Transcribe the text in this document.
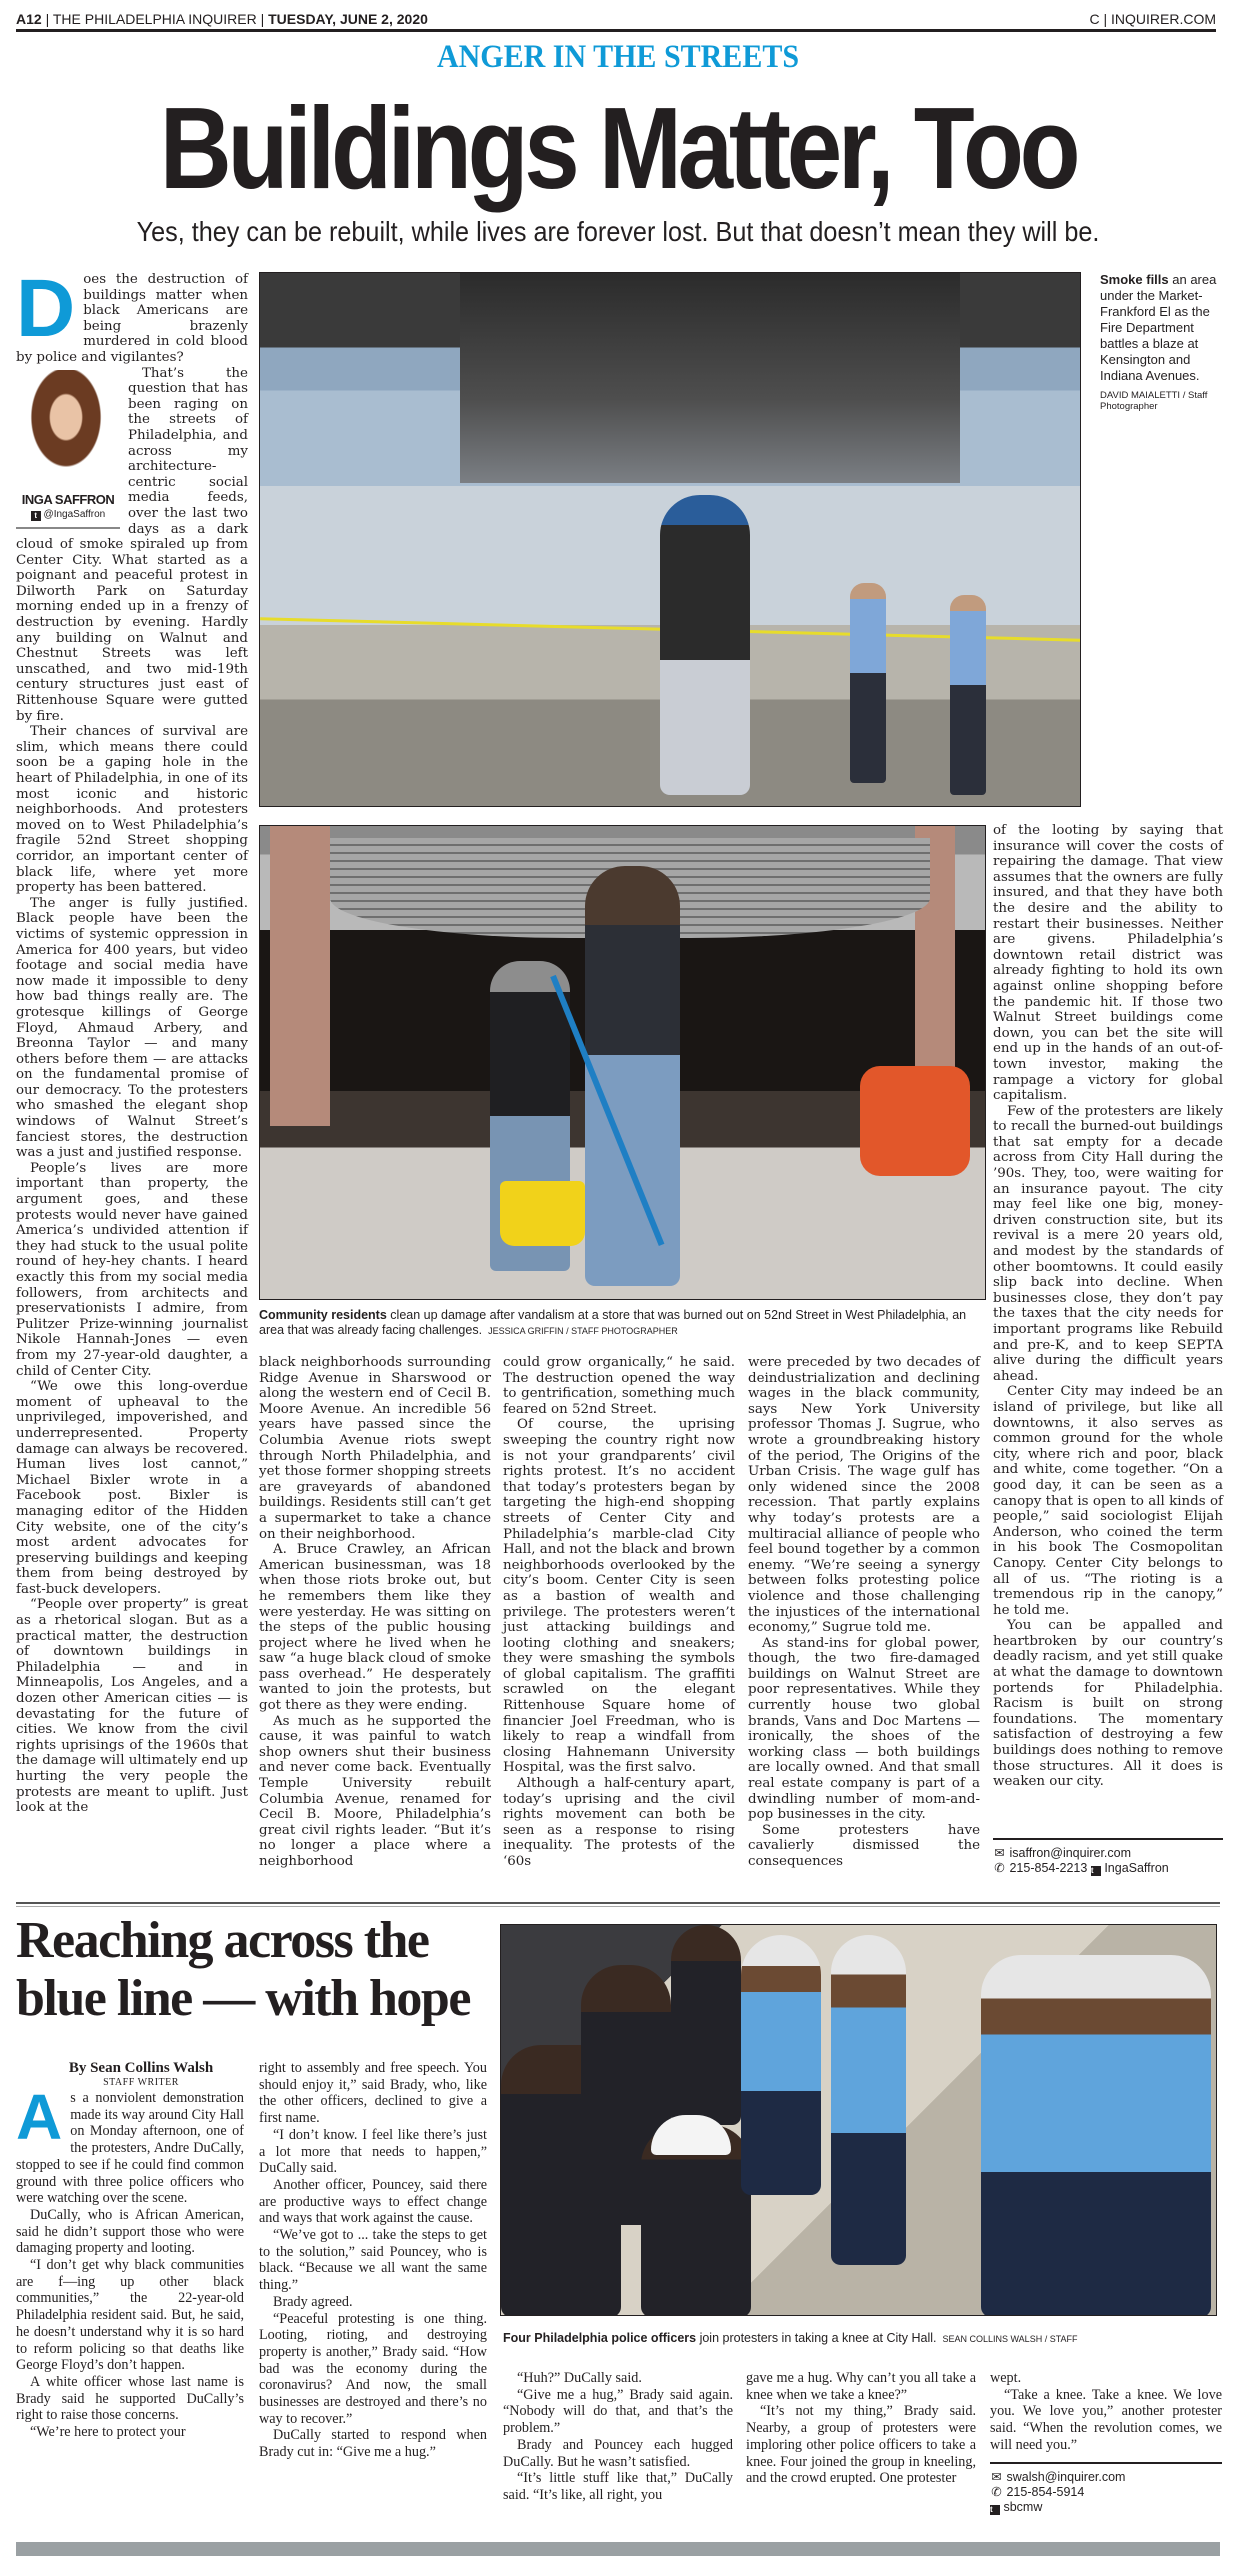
A12 | THE PHILADELPHIA INQUIRER | TUESDAY, JUNE 2, 2020	C | INQUIRER.COM
ANGER IN THE STREETS
Buildings Matter, Too
Yes, they can be rebuilt, while lives are forever lost. But that doesn’t mean they will be.

Does the destruction of buildings matter when black Americans are being brazenly murdered in cold blood by police and vigilantes?

INGA SAFFRON
t @IngaSaffron

That’s the question that has been raging on the streets of Philadelphia, and across my architecture-centric social media feeds, over the last two days as a dark cloud of smoke spiraled up from Center City. What started as a poignant and peaceful protest in Dilworth Park on Saturday morning ended up in a frenzy of destruction by evening. Hardly any building on Walnut and Chestnut Streets was left unscathed, and two mid-19th century structures just east of Rittenhouse Square were gutted by fire.

Their chances of survival are slim, which means there could soon be a gaping hole in the heart of Philadelphia, in one of its most iconic and historic neighborhoods. And protesters moved on to West Philadelphia’s fragile 52nd Street shopping corridor, an important center of black life, where yet more property has been battered.

The anger is fully justified. Black people have been the victims of systemic oppression in America for 400 years, but video footage and social media have now made it impossible to deny how bad things really are. The grotesque killings of George Floyd, Ahmaud Arbery, and Breonna Taylor — and many others before them — are attacks on the fundamental promise of our democracy. To the protesters who smashed the elegant shop windows of Walnut Street’s fanciest stores, the destruction was a just and justified response.

People’s lives are more important than property, the argument goes, and these protests would never have gained America’s undivided attention if they had stuck to the usual polite round of hey-hey chants. I heard exactly this from my social media followers, from architects and preservationists I admire, from Pulitzer Prize-winning journalist Nikole Hannah-Jones — even from my 27-year-old daughter, a child of Center City.

“We owe this long-overdue moment of upheaval to the unprivileged, impoverished, and underrepresented. Property damage can always be recovered. Human lives lost cannot,” Michael Bixler wrote in a Facebook post. Bixler is managing editor of the Hidden City website, one of the city’s most ardent advocates for preserving buildings and keeping them from being destroyed by fast-buck developers.

“People over property” is great as a rhetorical slogan. But as a practical matter, the destruction of downtown buildings in Philadelphia — and in Minneapolis, Los Angeles, and a dozen other American cities — is devastating for the future of cities. We know from the civil rights uprisings of the 1960s that the damage will ultimately end up hurting the very people the protests are meant to uplift. Just look at the

Smoke fills an area under the Market-Frankford El as the Fire Department battles a blaze at Kensington and Indiana Avenues.
DAVID MAIALETTI / Staff Photographer
Community residents clean up damage after vandalism at a store that was burned out on 52nd Street in West Philadelphia, an area that was already facing challenges. JESSICA GRIFFIN / STAFF PHOTOGRAPHER

black neighborhoods surrounding Ridge Avenue in Sharswood or along the western end of Cecil B. Moore Avenue. An incredible 56 years have passed since the Columbia Avenue riots swept through North Philadelphia, and yet those former shopping streets are graveyards of abandoned buildings. Residents still can’t get a supermarket to take a chance on their neighborhood.

A. Bruce Crawley, an African American businessman, was 18 when those riots broke out, but he remembers them like they were yesterday. He was sitting on the steps of the public housing project where he lived when he saw “a huge black cloud of smoke pass overhead.” He desperately wanted to join the protests, but got there as they were ending.

As much as he supported the cause, it was painful to watch shop owners shut their business and never come back. Eventually Temple University rebuilt Columbia Avenue, renamed for Cecil B. Moore, Philadelphia’s great civil rights leader. “But it’s no longer a place where a neighborhood

could grow organically,“ he said. The destruction opened the way to gentrification, something much feared on 52nd Street.

Of course, the uprising sweeping the country right now is not your grandparents’ civil rights protest. It’s no accident that today’s protesters began by targeting the high-end shopping streets of Center City and Philadelphia’s marble-clad City Hall, and not the black and brown neighborhoods overlooked by the city’s boom. Center City is seen as a bastion of wealth and privilege. The protesters weren’t just attacking buildings and looting clothing and sneakers; they were smashing the symbols of global capitalism. The graffiti scrawled on the elegant Rittenhouse Square home of financier Joel Freedman, who is likely to reap a windfall from closing Hahnemann University Hospital, was the first salvo.

Although a half-century apart, today’s uprising and the civil rights movement can both be seen as a response to rising inequality. The protests of the ‘60s

were preceded by two decades of deindustrialization and declining wages in the black community, says New York University professor Thomas J. Sugrue, who wrote a groundbreaking history of the period, The Origins of the Urban Crisis. The wage gulf has only widened since the 2008 recession. That partly explains why today’s protests are a multiracial alliance of people who feel bound together by a common enemy. “We’re seeing a synergy between folks protesting police violence and those challenging the injustices of the international economy,” Sugrue told me.

As stand-ins for global power, though, the two fire-damaged buildings on Walnut Street are poor representatives. While they currently house two global brands, Vans and Doc Martens — ironically, the shoes of the working class — both buildings are locally owned. And that small real estate company is part of a dwindling number of mom-and-pop businesses in the city.

Some protesters have cavalierly dismissed the consequences

of the looting by saying that insurance will cover the costs of repairing the damage. That view assumes that the owners are fully insured, and that they have both the desire and the ability to restart their businesses. Neither are givens. Philadelphia’s downtown retail district was already fighting to hold its own against online shopping before the pandemic hit. If those two Walnut Street buildings come down, you can bet the site will end up in the hands of an out-of-town investor, making the rampage a victory for global capitalism.

Few of the protesters are likely to recall the burned-out buildings that sat empty for a decade across from City Hall during the ’90s. They, too, were waiting for an insurance payout. The city may feel like one big, money-driven construction site, but its revival is a mere 20 years old, and modest by the standards of other boomtowns. It could easily slip back into decline. When businesses close, they don’t pay the taxes that the city needs for important programs like Rebuild and pre-K, and to keep SEPTA alive during the difficult years ahead.

Center City may indeed be an island of privilege, but like all downtowns, it also serves as common ground for the whole city, where rich and poor, black and white, come together. “On a good day, it can be seen as a canopy that is open to all kinds of people,” said sociologist Elijah Anderson, who coined the term in his book The Cosmopolitan Canopy. Center City belongs to all of us. “The rioting is a tremendous rip in the canopy,” he told me.

You can be appalled and heartbroken by our country’s deadly racism, and yet still quake at what the damage to downtown portends for Philadelphia. Racism is built on strong foundations. The momentary satisfaction of destroying a few buildings does nothing to remove those structures. All it does is weaken our city.

✉ isaffron@inquirer.com
✆ 215-854-2213 t IngaSaffron
Reaching across the blue line — with hope
By Sean Collins Walsh
STAFF WRITER

As a nonviolent demonstration made its way around City Hall on Monday afternoon, one of the protesters, Andre DuCally, stopped to see if he could find common ground with three police officers who were watching over the scene.

DuCally, who is African American, said he didn’t support those who were damaging property and looting.

“I don’t get why black communities are f—ing up other black communities,” the 22-year-old Philadelphia resident said. But, he said, he doesn’t understand why it is so hard to reform policing so that deaths like George Floyd’s don’t happen.

A white officer whose last name is Brady said he supported DuCally’s right to raise those concerns.

“We’re here to protect your

right to assembly and free speech. You should enjoy it,” said Brady, who, like the other officers, declined to give a first name.

“I don’t know. I feel like there’s just a lot more that needs to happen,” DuCally said.

Another officer, Pouncey, said there are productive ways to effect change and ways that work against the cause.

“We’ve got to ... take the steps to get to the solution,” said Pouncey, who is black. “Because we all want the same thing.”

Brady agreed.

“Peaceful protesting is one thing. Looting, rioting, and destroying property is another,” Brady said. “How bad was the economy during the coronavirus? And now, the small businesses are destroyed and there’s no way to recover.”

DuCally started to respond when Brady cut in: “Give me a hug.”

Four Philadelphia police officers join protesters in taking a knee at City Hall. SEAN COLLINS WALSH / STAFF

“Huh?” DuCally said.

“Give me a hug,” Brady said again. “Nobody will do that, and that’s the problem.”

Brady and Pouncey each hugged DuCally. But he wasn’t satisfied.

“It’s little stuff like that,” DuCally said. “It’s like, all right, you

gave me a hug. Why can’t you all take a knee when we take a knee?”

“It’s not my thing,” Brady said. Nearby, a group of protesters were imploring other police officers to take a knee. Four joined the group in kneeling, and the crowd erupted. One protester

wept.

“Take a knee. Take a knee. We love you. We love you,” another protester said. “When the revolution comes, we will need you.”

✉ swalsh@inquirer.com
✆ 215-854-5914
t sbcmw
